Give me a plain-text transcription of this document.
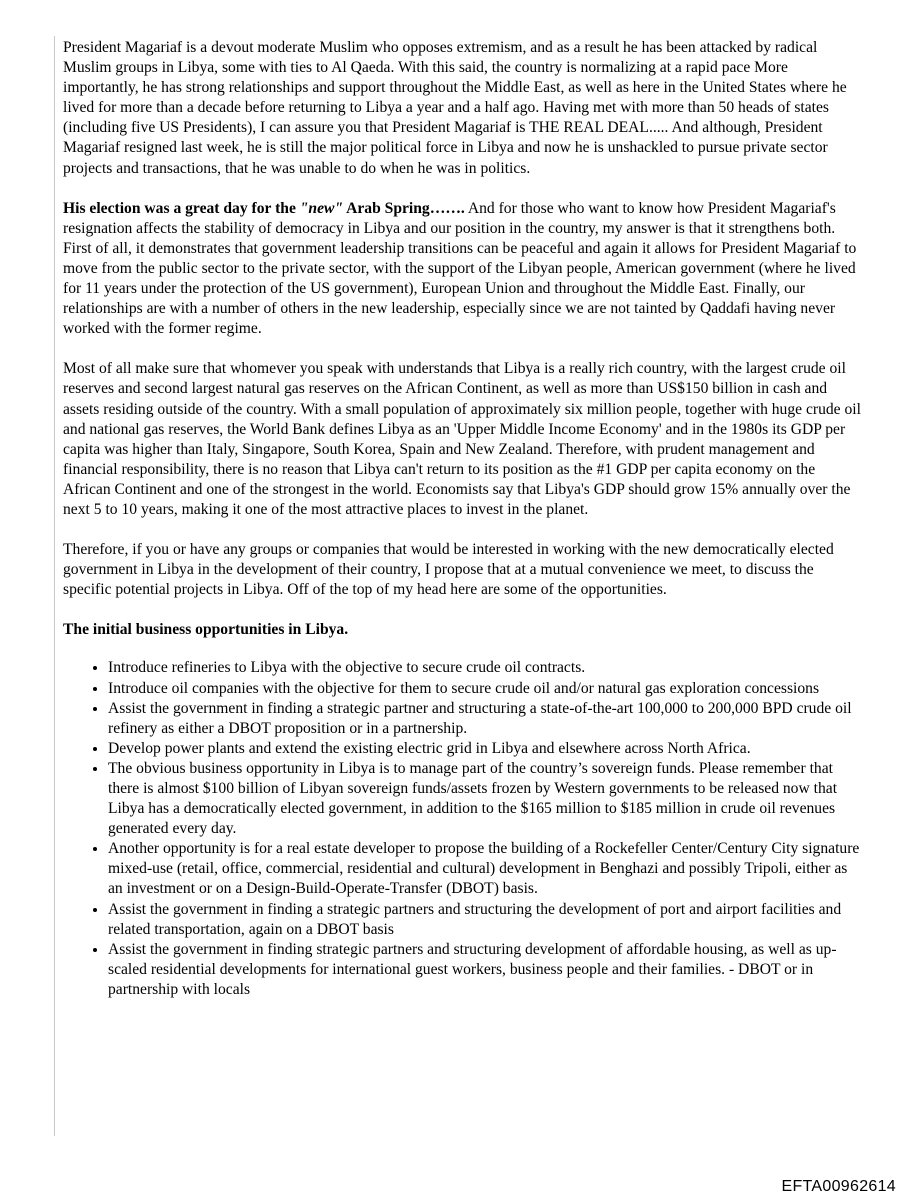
President Magariaf is a devout moderate Muslim who opposes extremism, and as a result he has been attacked by radical Muslim groups in Libya, some with ties to Al Qaeda. With this said, the country is normalizing at a rapid pace More importantly, he has strong relationships and support throughout the Middle East, as well as here in the United States where he lived for more than a decade before returning to Libya a year and a half ago. Having met with more than 50 heads of states (including five US Presidents), I can assure you that President Magariaf is THE REAL DEAL..... And although, President Magariaf resigned last week, he is still the major political force in Libya and now he is unshackled to pursue private sector projects and transactions, that he was unable to do when he was in politics.

His election was a great day for the "new" Arab Spring……. And for those who want to know how President Magariaf's resignation affects the stability of democracy in Libya and our position in the country, my answer is that it strengthens both. First of all, it demonstrates that government leadership transitions can be peaceful and again it allows for President Magariaf to move from the public sector to the private sector, with the support of the Libyan people, American government (where he lived for 11 years under the protection of the US government), European Union and throughout the Middle East. Finally, our relationships are with a number of others in the new leadership, especially since we are not tainted by Qaddafi having never worked with the former regime.

Most of all make sure that whomever you speak with understands that Libya is a really rich country, with the largest crude oil reserves and second largest natural gas reserves on the African Continent, as well as more than US$150 billion in cash and assets residing outside of the country. With a small population of approximately six million people, together with huge crude oil and national gas reserves, the World Bank defines Libya as an 'Upper Middle Income Economy' and in the 1980s its GDP per capita was higher than Italy, Singapore, South Korea, Spain and New Zealand. Therefore, with prudent management and financial responsibility, there is no reason that Libya can't return to its position as the #1 GDP per capita economy on the African Continent and one of the strongest in the world. Economists say that Libya's GDP should grow 15% annually over the next 5 to 10 years, making it one of the most attractive places to invest in the planet.

Therefore, if you or have any groups or companies that would be interested in working with the new democratically elected government in Libya in the development of their country, I propose that at a mutual convenience we meet, to discuss the specific potential projects in Libya. Off of the top of my head here are some of the opportunities.

The initial business opportunities in Libya.

• Introduce refineries to Libya with the objective to secure crude oil contracts.
• Introduce oil companies with the objective for them to secure crude oil and/or natural gas exploration concessions
• Assist the government in finding a strategic partner and structuring a state-of-the-art 100,000 to 200,000 BPD crude oil refinery as either a DBOT proposition or in a partnership.
• Develop power plants and extend the existing electric grid in Libya and elsewhere across North Africa.
• The obvious business opportunity in Libya is to manage part of the country’s sovereign funds. Please remember that there is almost $100 billion of Libyan sovereign funds/assets frozen by Western governments to be released now that Libya has a democratically elected government, in addition to the $165 million to $185 million in crude oil revenues generated every day.
• Another opportunity is for a real estate developer to propose the building of a Rockefeller Center/Century City signature mixed-use (retail, office, commercial, residential and cultural) development in Benghazi and possibly Tripoli, either as an investment or on a Design-Build-Operate-Transfer (DBOT) basis.
• Assist the government in finding a strategic partners and structuring the development of port and airport facilities and related transportation, again on a DBOT basis
• Assist the government in finding strategic partners and structuring development of affordable housing, as well as up-scaled residential developments for international guest workers, business people and their families. - DBOT or in partnership with locals
EFTA00962614
